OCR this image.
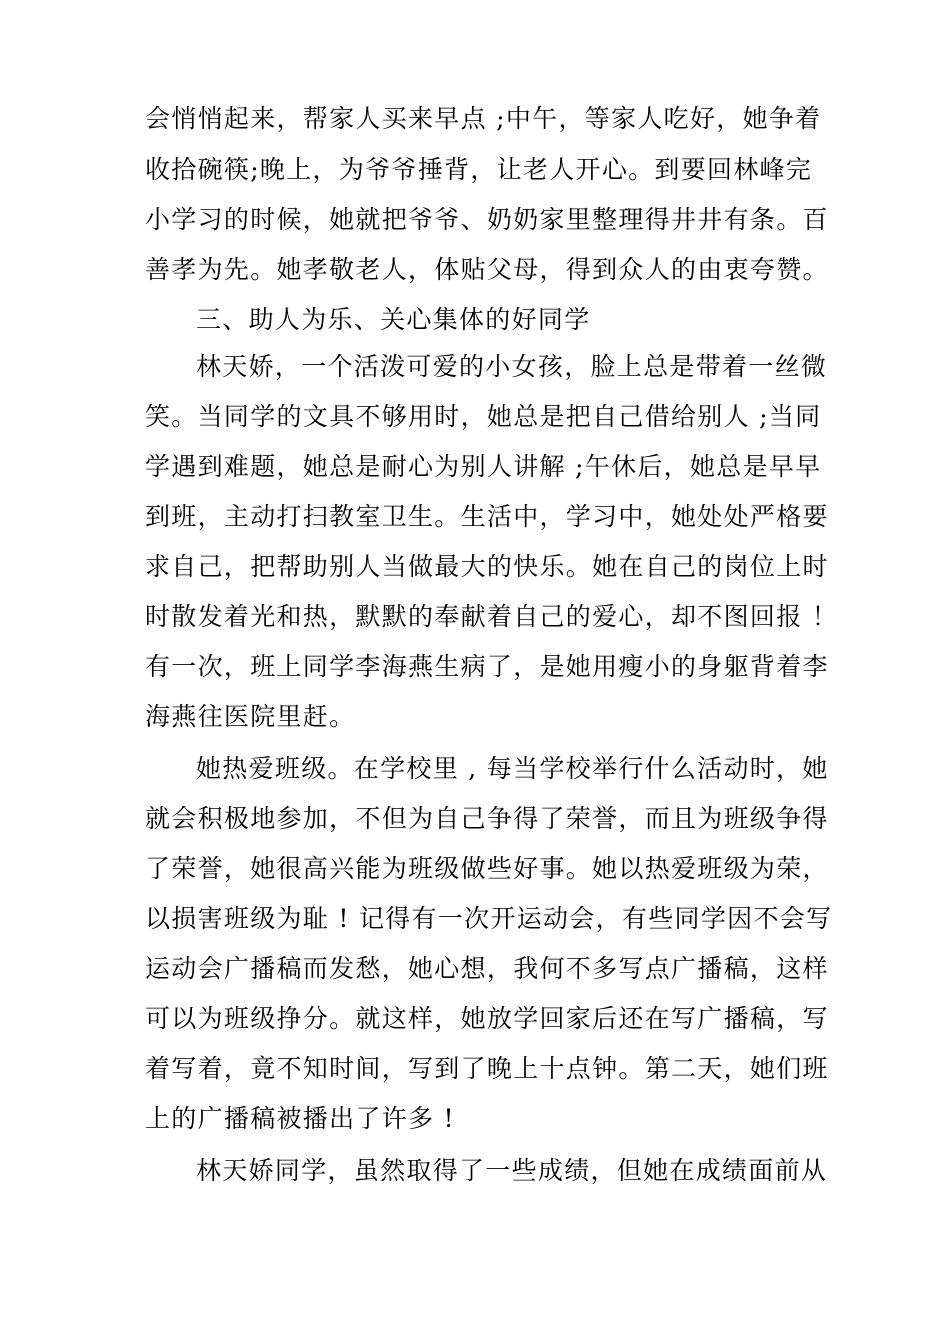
会悄悄起来，帮家人买来早点 ;中午，等家人吃好，她争着
收拾碗筷;晚上，为爷爷捶背，让老人开心。到要回林峰完
小学习的时候，她就把爷爷、奶奶家里整理得井井有条。百
善孝为先。她孝敬老人，体贴父母，得到众人的由衷夸赞。
三、助人为乐、关心集体的好同学
林天娇，一个活泼可爱的小女孩，脸上总是带着一丝微
笑。当同学的文具不够用时，她总是把自己借给别人 ;当同
学遇到难题，她总是耐心为别人讲解 ;午休后，她总是早早
到班，主动打扫教室卫生。生活中，学习中，她处处严格要
求自己，把帮助别人当做最大的快乐。她在自己的岗位上时
时散发着光和热，默默的奉献着自己的爱心，却不图回报 ！
有一次，班上同学李海燕生病了，是她用瘦小的身躯背着李
海燕往医院里赶。
她热爱班级。在学校里 , 每当学校举行什么活动时，她
就会积极地参加，不但为自己争得了荣誉，而且为班级争得
了荣誉，她很高兴能为班级做些好事。她以热爱班级为荣，
以损害班级为耻 ! 记得有一次开运动会，有些同学因不会写
运动会广播稿而发愁，她心想，我何不多写点广播稿，这样
可以为班级挣分。就这样，她放学回家后还在写广播稿，写
着写着，竟不知时间，写到了晚上十点钟。第二天，她们班
上的广播稿被播出了许多 !
林天娇同学，虽然取得了一些成绩，但她在成绩面前从
